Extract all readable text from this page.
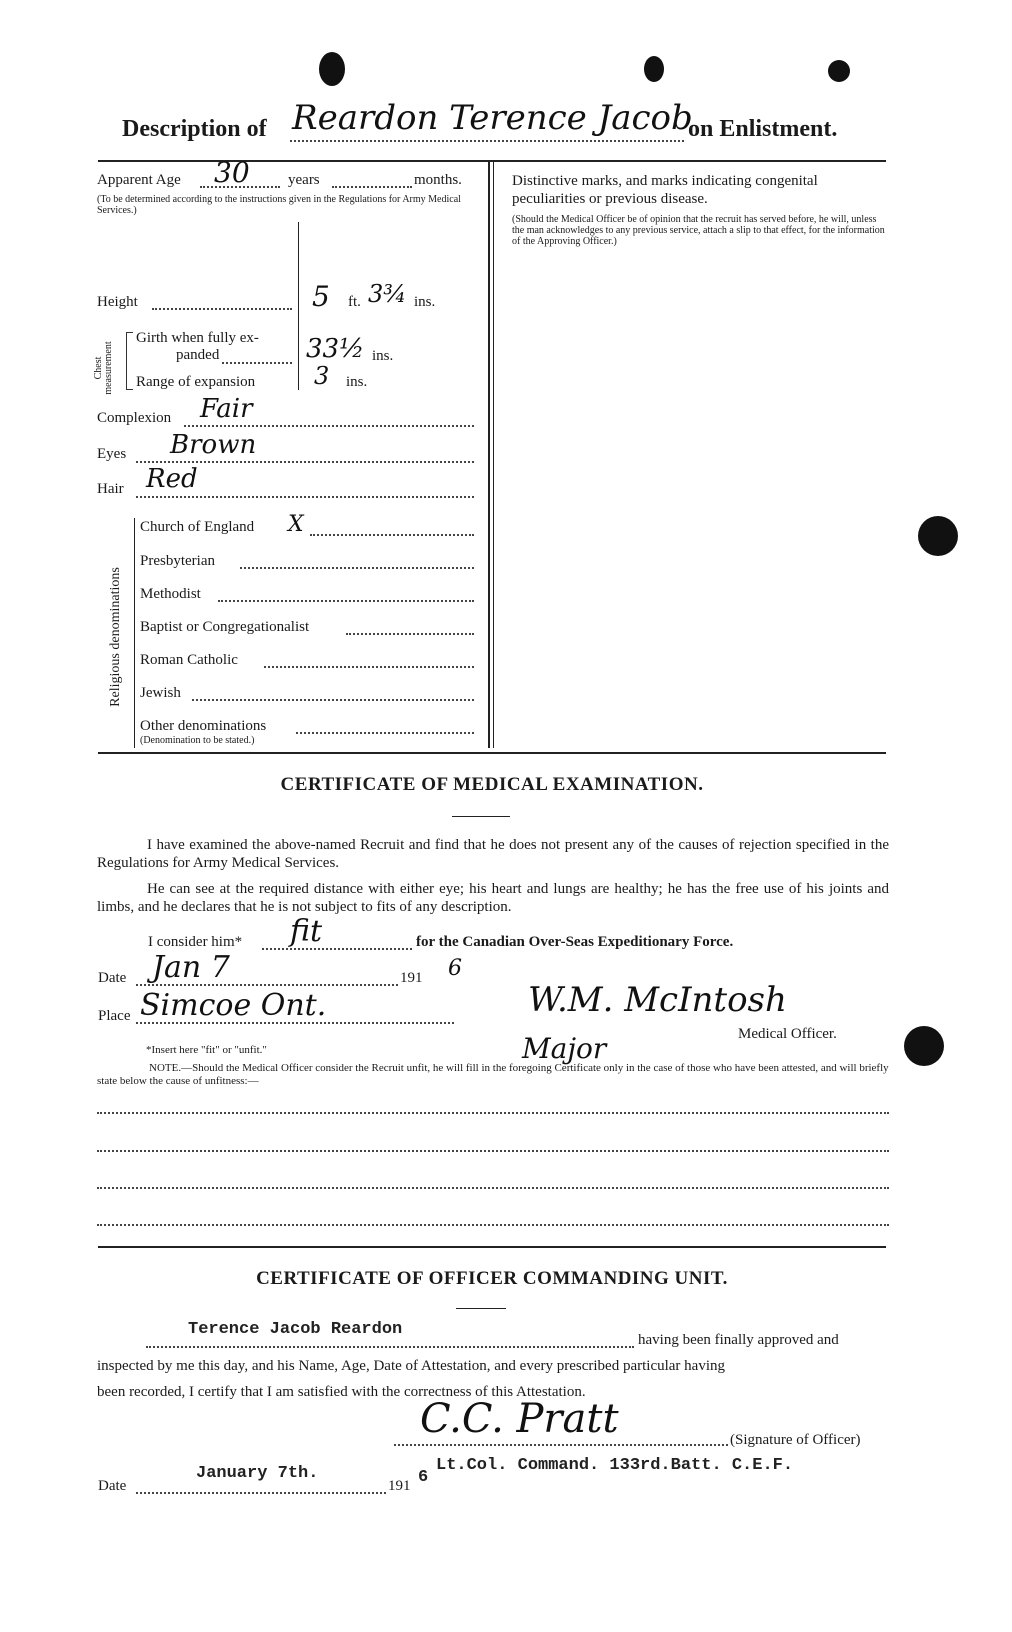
Description of Reardon Terence Jacob
on Enlistment.
Apparent Age 30	years	months.
(To be determined according to the instructions given in the Regulations for Army Medical Services.)
Height	5 ft. 3¾ ins.
Chest measurement
Girth when fully ex-
panded	33½ ins.
Range of expansion 3 ins.
Complexion Fair
Eyes Brown
Hair Red
Religious denominations
Church of England X
Presbyterian
Methodist
Baptist or Congregationalist
Roman Catholic
Jewish
Other denominations
(Denomination to be stated.)
Distinctive marks, and marks indicating congenital peculiarities or previous disease.
(Should the Medical Officer be of opinion that the recruit has served before, he will, unless the man acknowledges to any previous service, attach a slip to that effect, for the information of the Approving Officer.)
CERTIFICATE OF MEDICAL EXAMINATION.
I have examined the above-named Recruit and find that he does not present any of the causes of rejection specified in the Regulations for Army Medical Services.
He can see at the required distance with either eye; his heart and lungs are healthy; he has the free use of his joints and limbs, and he declares that he is not subject to fits of any description.
I consider him* fit	for the Canadian Over-Seas Expeditionary Force.
Date Jan 7	191 6
Place Simcoe Ont.	W.M. McIntosh
Major	Medical Officer.
*Insert here "fit" or "unfit."
NOTE.—Should the Medical Officer consider the Recruit unfit, he will fill in the foregoing Certificate only in the case of those who have been attested, and will briefly state below the cause of unfitness:—
CERTIFICATE OF OFFICER COMMANDING UNIT.
Terence Jacob Reardon
having been finally approved and
inspected by me this day, and his Name, Age, Date of Attestation, and every prescribed particular having
been recorded, I certify that I am satisfied with the correctness of this Attestation.
C.C. Pratt	(Signature of Officer)
Date
January 7th.
191 6
Lt.Col. Command. 133rd.Batt. C.E.F.
